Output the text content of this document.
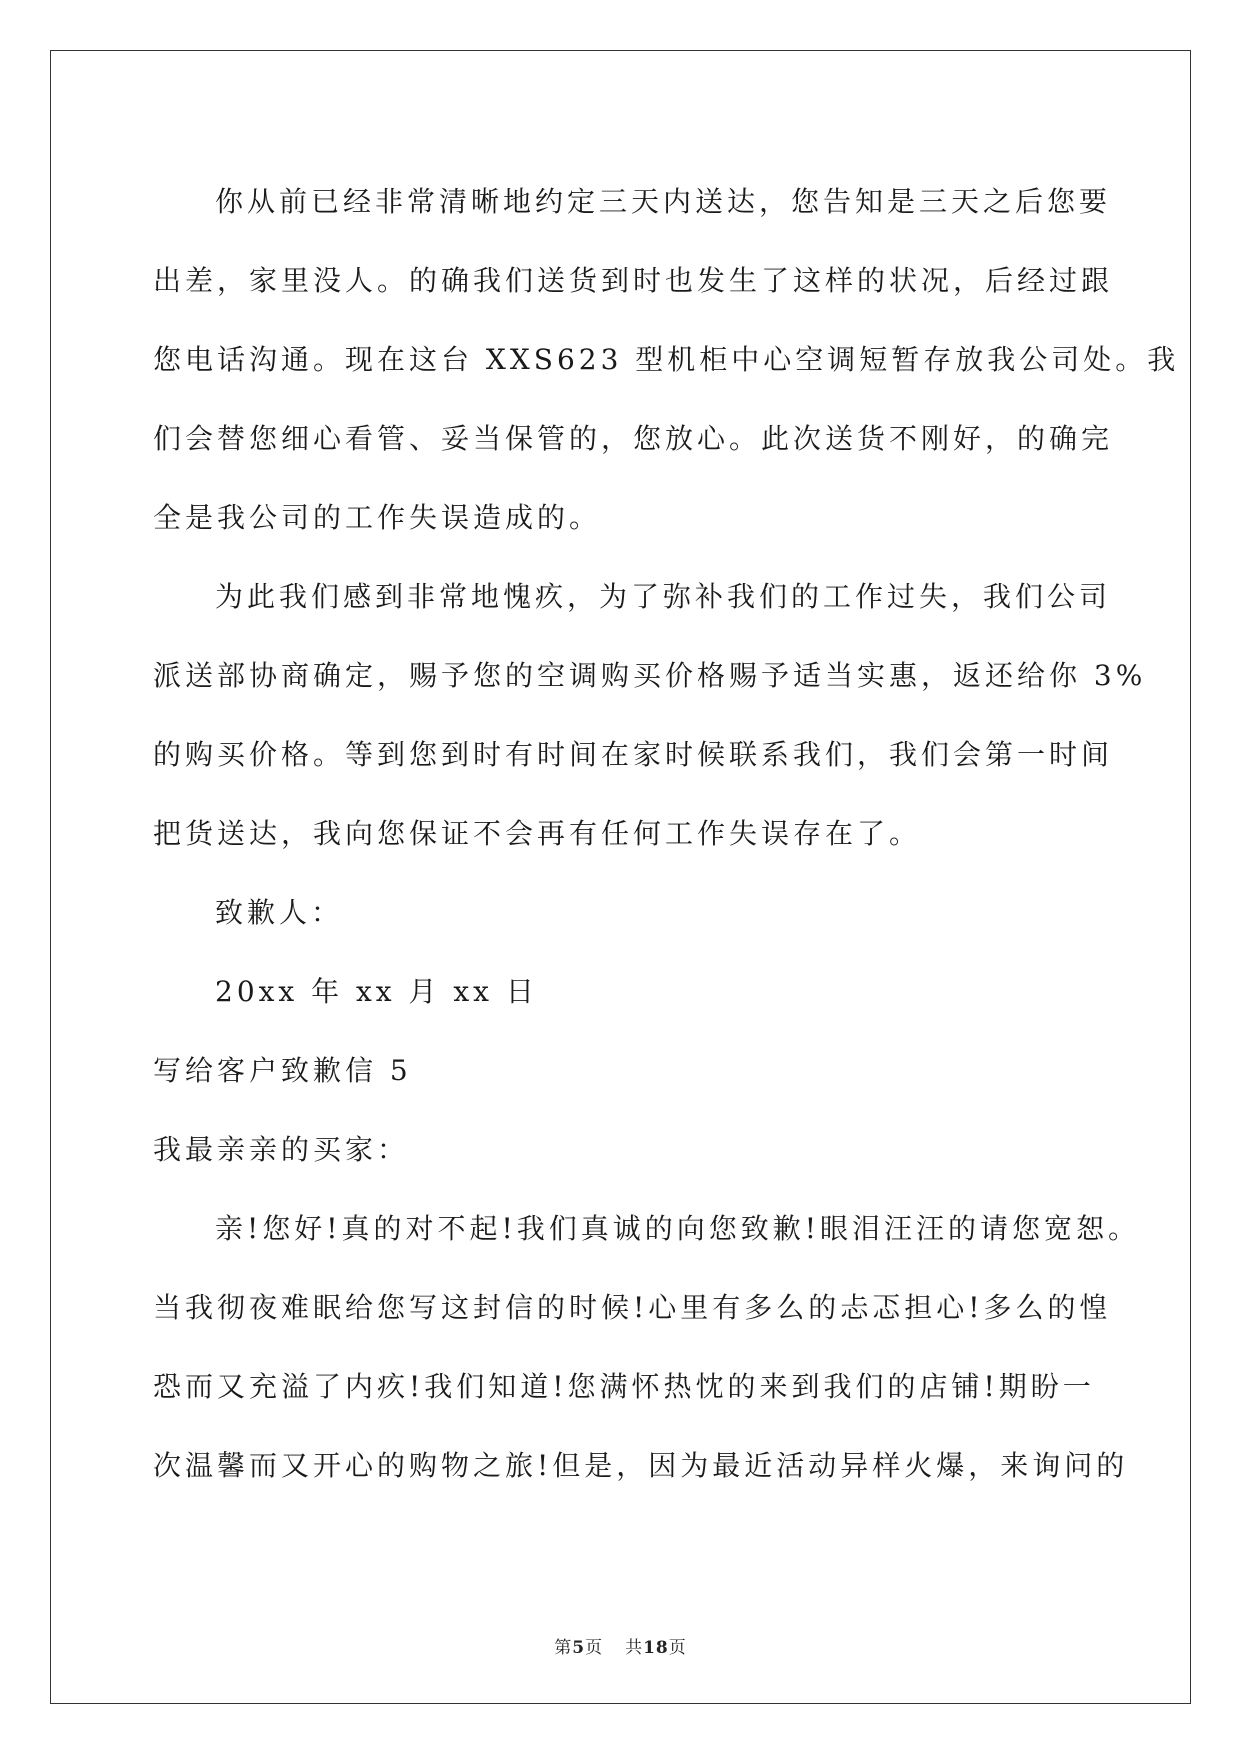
你从前已经非常清晰地约定三天内送达，您告知是三天之后您要
出差，家里没人。的确我们送货到时也发生了这样的状况，后经过跟
您电话沟通。现在这台 XXS623 型机柜中心空调短暂存放我公司处。我
们会替您细心看管、妥当保管的，您放心。此次送货不刚好，的确完
全是我公司的工作失误造成的。

为此我们感到非常地愧疚，为了弥补我们的工作过失，我们公司
派送部协商确定，赐予您的空调购买价格赐予适当实惠，返还给你 3%
的购买价格。等到您到时有时间在家时候联系我们，我们会第一时间
把货送达，我向您保证不会再有任何工作失误存在了。

致歉人：

20xx 年 xx 月 xx 日

写给客户致歉信 5

我最亲亲的买家：

亲!您好!真的对不起!我们真诚的向您致歉!眼泪汪汪的请您宽恕。
当我彻夜难眠给您写这封信的时候!心里有多么的忐忑担心!多么的惶
恐而又充溢了内疚!我们知道!您满怀热忱的来到我们的店铺!期盼一
次温馨而又开心的购物之旅!但是，因为最近活动异样火爆，来询问的

第5页 共18页
